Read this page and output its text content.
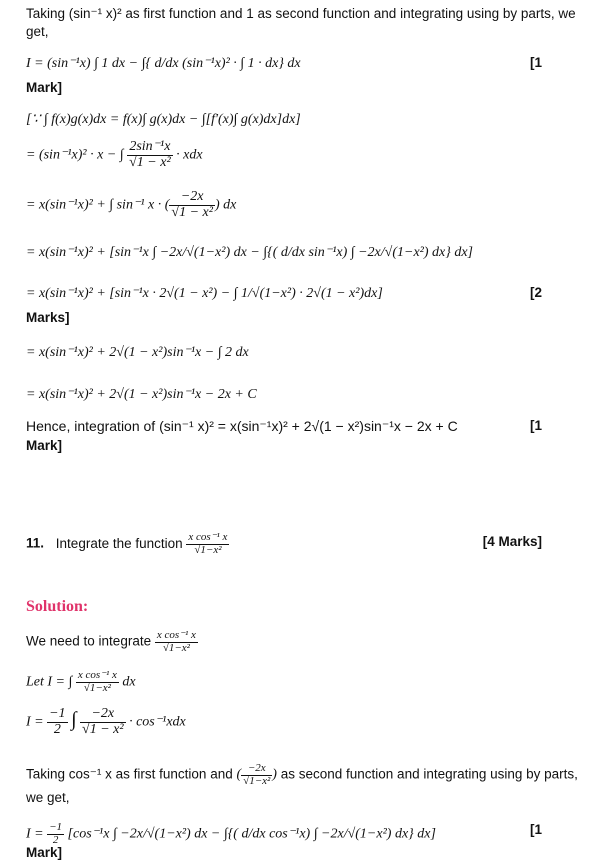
Taking (sin⁻¹ x)² as first function and 1 as second function and integrating using by parts, we
get,
I = (sin⁻¹x) ∫ 1 dx − ∫{ d/dx (sin⁻¹x)² · ∫ 1 · dx} dx	[1
Mark]
[∵ ∫ f(x)g(x)dx = f(x)∫ g(x)dx − ∫[f′(x)∫ g(x)dx]dx]
= (sin⁻¹x)² · x − ∫ $\frac{\text{2sin⁻¹x}}{\text{√1 − x²}}$ · xdx
= x(sin⁻¹x)² + ∫ sin⁻¹ x · ( $\frac{-2x}{\text{√1 − x²}}$ ) dx
= x(sin⁻¹x)² + [sin⁻¹x ∫ −2x/√(1−x²) dx − ∫{( d/dx sin⁻¹x) ∫ −2x/√(1−x²) dx} dx]
= x(sin⁻¹x)² + [sin⁻¹x · 2√(1 − x²) − ∫ 1/√(1−x²) · 2√(1 − x²)dx]	[2
Marks]
= x(sin⁻¹x)² + 2√(1 − x²)sin⁻¹x − ∫ 2 dx
= x(sin⁻¹x)² + 2√(1 − x²)sin⁻¹x − 2x + C
Hence, integration of (sin⁻¹ x)² = x(sin⁻¹x)² + 2√(1 − x²)sin⁻¹x − 2x + C	[1
Mark]
11. Integrate the function $\frac{\text{x cos⁻¹ x}}{\text{√1−x²}}$	[4 Marks]
Solution:
We need to integrate $\frac{\text{x cos⁻¹ x}}{\text{√1−x²}}$
Let I = ∫ $\frac{\text{x cos⁻¹ x}}{\text{√1−x²}}$ dx
$I = \frac{-1}{2}$ ∫ $\frac{-2x}{\text{√1 − x²}} \cdot \cos^{-1}xdx$
Taking cos⁻¹ x as first function and ( $\frac{-2x}{\text{√1−x²}}$ ) as second function and integrating using by parts,
we get,
$I = \frac{-1}{2} [\cos^{-1}x$ ∫ −2x/√(1−x²) dx − ∫{( d/dx cos⁻¹x) ∫ −2x/√(1−x²) dx} dx]	[1
Mark]
